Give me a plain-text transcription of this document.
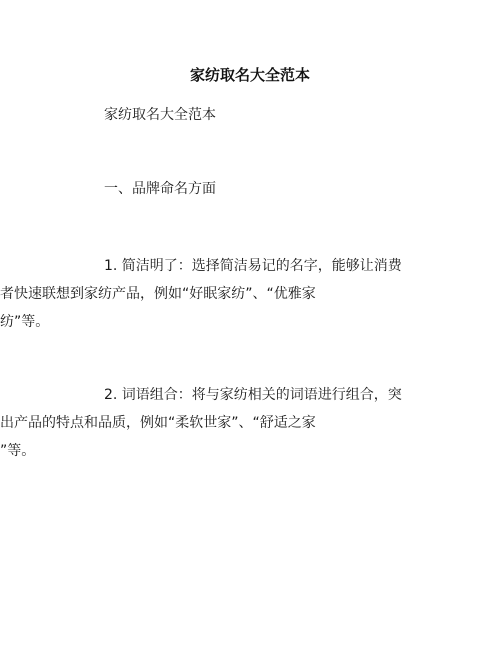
家纺取名大全范本
家纺取名大全范本
一、品牌命名方面
1. 简洁明了：选择简洁易记的名字，能够让消费
者快速联想到家纺产品，例如“好眠家纺”、“优雅家
纺”等。
2. 词语组合：将与家纺相关的词语进行组合，突
出产品的特点和品质，例如“柔软世家”、“舒适之家
”等。
